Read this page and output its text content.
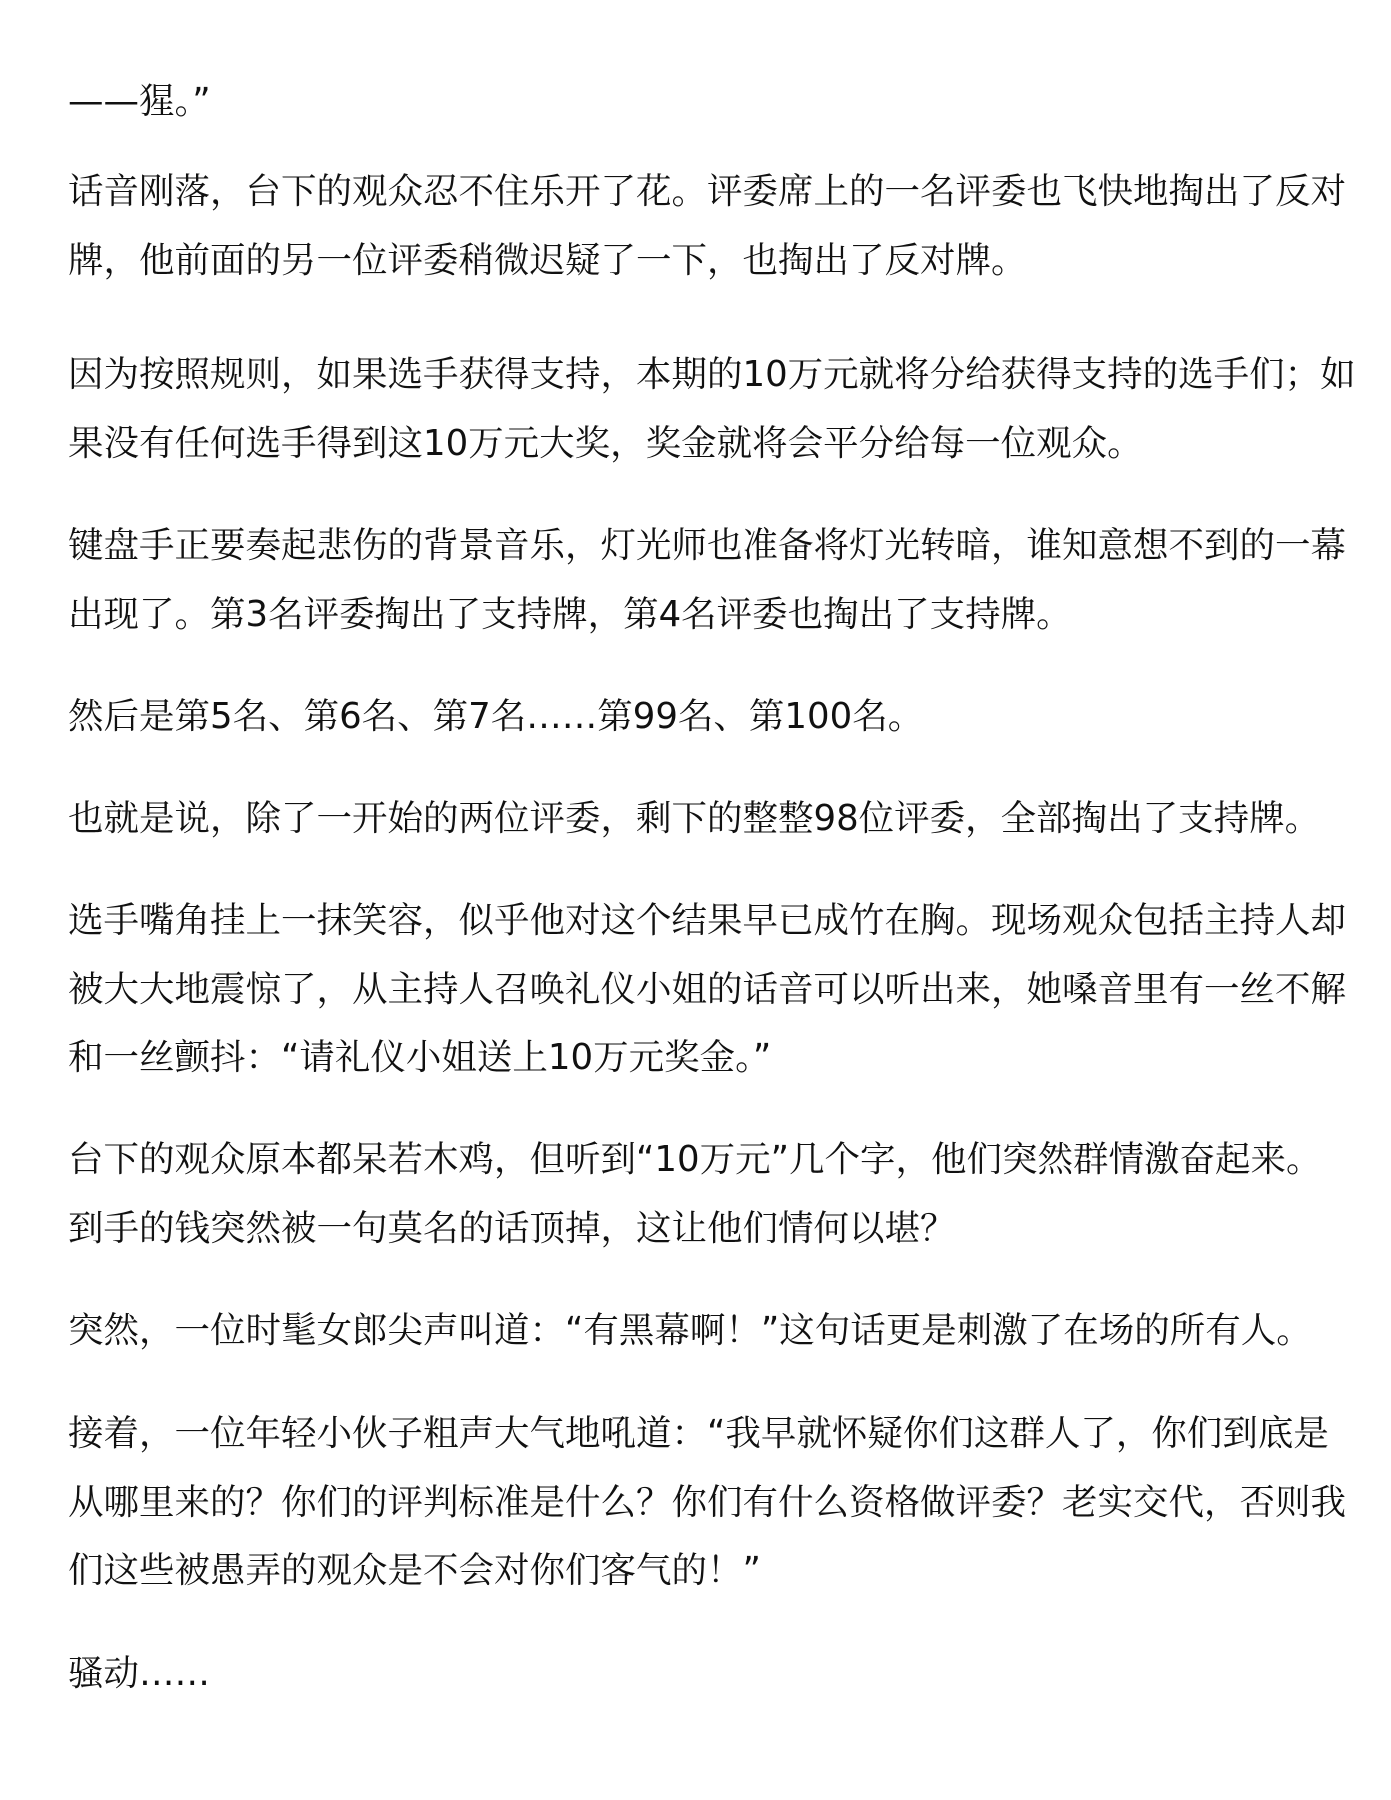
——猩。”

话音刚落，台下的观众忍不住乐开了花。评委席上的一名评委也飞快地掏出了反对
牌，他前面的另一位评委稍微迟疑了一下，也掏出了反对牌。

因为按照规则，如果选手获得支持，本期的10万元就将分给获得支持的选手们；如
果没有任何选手得到这10万元大奖，奖金就将会平分给每一位观众。

键盘手正要奏起悲伤的背景音乐，灯光师也准备将灯光转暗，谁知意想不到的一幕
出现了。第3名评委掏出了支持牌，第4名评委也掏出了支持牌。

然后是第5名、第6名、第7名……第99名、第100名。

也就是说，除了一开始的两位评委，剩下的整整98位评委，全部掏出了支持牌。

选手嘴角挂上一抹笑容，似乎他对这个结果早已成竹在胸。现场观众包括主持人却
被大大地震惊了，从主持人召唤礼仪小姐的话音可以听出来，她嗓音里有一丝不解
和一丝颤抖：“请礼仪小姐送上10万元奖金。”

台下的观众原本都呆若木鸡，但听到“10万元”几个字，他们突然群情激奋起来。
到手的钱突然被一句莫名的话顶掉，这让他们情何以堪？

突然，一位时髦女郎尖声叫道：“有黑幕啊！”这句话更是刺激了在场的所有人。

接着，一位年轻小伙子粗声大气地吼道：“我早就怀疑你们这群人了，你们到底是
从哪里来的？你们的评判标准是什么？你们有什么资格做评委？老实交代，否则我
们这些被愚弄的观众是不会对你们客气的！”

骚动……
